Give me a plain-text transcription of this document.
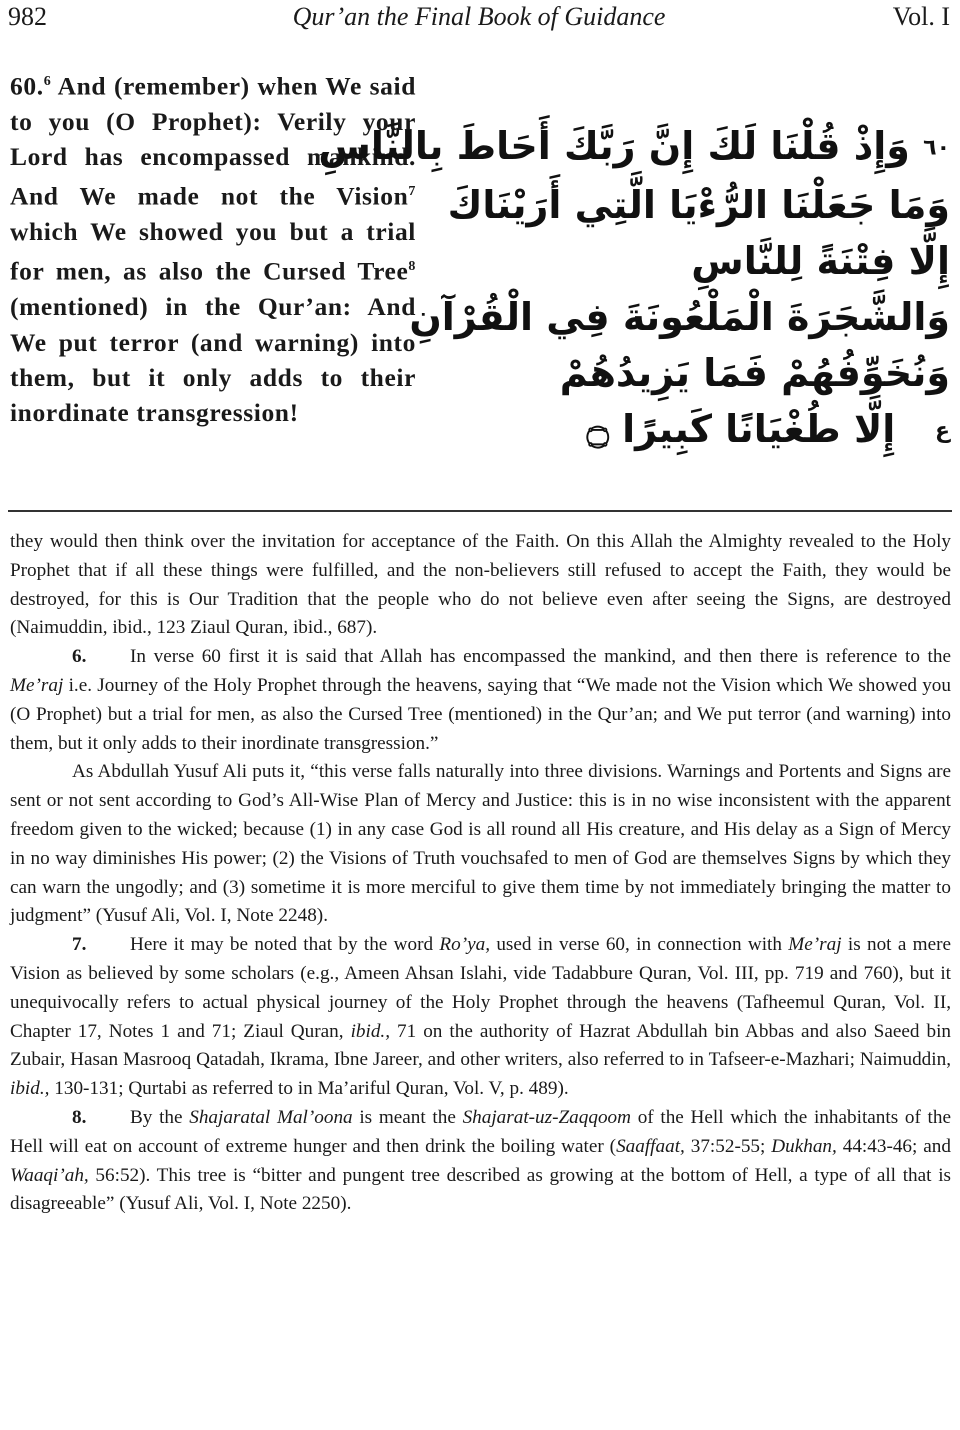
Qur’an the Final Book of Guidance
982	Vol. I
60.$^6$ And (remember) when We said to you (O Prophet): Verily your Lord has encompassed mankind. And We made not the Vision$^7$ which We showed you but a trial for men, as also the Cursed Tree$^8$ (mentioned) in the Qur’an: And We put terror (and warning) into them, but it only adds to their inordinate transgression!
٦٠ وَإِذْ قُلْنَا لَكَ إِنَّ رَبَّكَ أَحَاطَ بِالنَّاسِ
وَمَا جَعَلْنَا الرُّءْيَا الَّتِي أَرَيْنَاكَ
إِلَّا فِتْنَةً لِلنَّاسِ
وَالشَّجَرَةَ الْمَلْعُونَةَ فِي الْقُرْآنِ
وَنُخَوِّفُهُمْ فَمَا يَزِيدُهُمْ
ع   إِلَّا طُغْيَانًا كَبِيرًا ۝

they would then think over the invitation for acceptance of the Faith. On this Allah the Almighty revealed to the Holy Prophet that if all these things were fulfilled, and the non-believers still refused to accept the Faith, they would be destroyed, for this is Our Tradition that the people who do not believe even after seeing the Signs, are destroyed (Naimuddin, ibid., 123 Ziaul Quran, ibid., 687).

6. In verse 60 first it is said that Allah has encompassed the mankind, and then there is reference to the Me’raj i.e. Journey of the Holy Prophet through the heavens, saying that “We made not the Vision which We showed you (O Prophet) but a trial for men, as also the Cursed Tree (mentioned) in the Qur’an; and We put terror (and warning) into them, but it only adds to their inordinate transgression.”

As Abdullah Yusuf Ali puts it, “this verse falls naturally into three divisions. Warnings and Portents and Signs are sent or not sent according to God’s All-Wise Plan of Mercy and Justice: this is in no wise inconsistent with the apparent freedom given to the wicked; because (1) in any case God is all round all His creature, and His delay as a Sign of Mercy in no way diminishes His power; (2) the Visions of Truth vouchsafed to men of God are themselves Signs by which they can warn the ungodly; and (3) sometime it is more merciful to give them time by not immediately bringing the matter to judgment” (Yusuf Ali, Vol. I, Note 2248).

7. Here it may be noted that by the word Ro’ya, used in verse 60, in connection with Me’raj is not a mere Vision as believed by some scholars (e.g., Ameen Ahsan Islahi, vide Tadabbure Quran, Vol. III, pp. 719 and 760), but it unequivocally refers to actual physical journey of the Holy Prophet through the heavens (Tafheemul Quran, Vol. II, Chapter 17, Notes 1 and 71; Ziaul Quran, ibid., 71 on the authority of Hazrat Abdullah bin Abbas and also Saeed bin Zubair, Hasan Masrooq Qatadah, Ikrama, Ibne Jareer, and other writers, also referred to in Tafseer-e-Mazhari; Naimuddin, ibid., 130-131; Qurtabi as referred to in Ma’ariful Quran, Vol. V, p. 489).

8. By the Shajaratal Mal’oona is meant the Shajarat-uz-Zaqqoom of the Hell which the inhabitants of the Hell will eat on account of extreme hunger and then drink the boiling water (Saaffaat, 37:52-55; Dukhan, 44:43-46; and Waaqi’ah, 56:52). This tree is “bitter and pungent tree described as growing at the bottom of Hell, a type of all that is disagreeable” (Yusuf Ali, Vol. I, Note 2250).
